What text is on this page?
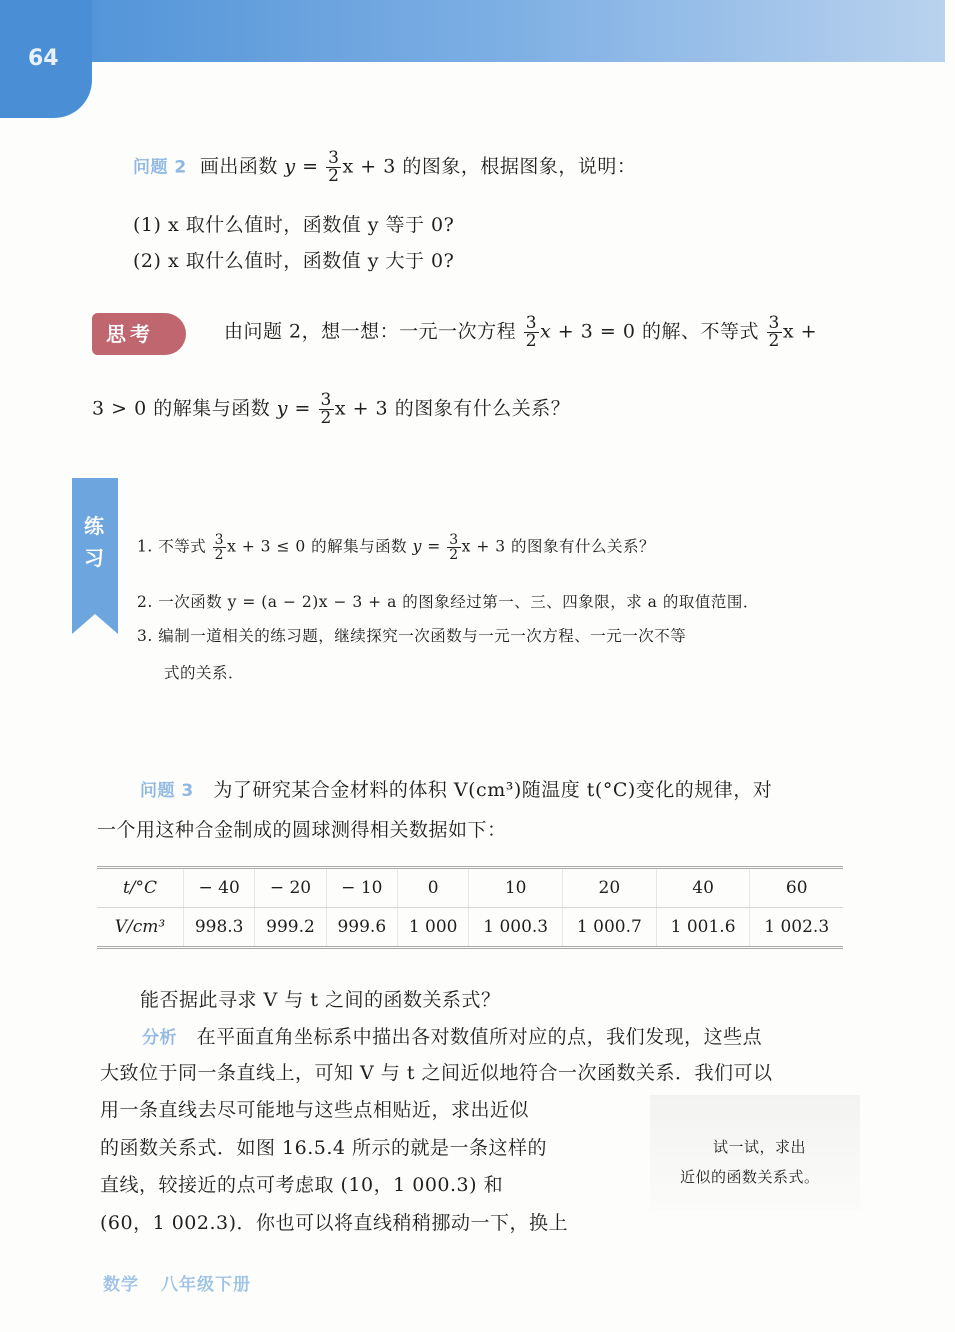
64
问题 2 画出函数 $y = \frac{3}{2}$ x + 3 的图象，根据图象，说明：
(1) x 取什么值时，函数值 y 等于 0?
(2) x 取什么值时，函数值 y 大于 0?
思考	由问题 2，想一想：一元一次方程 $\frac{3}{2}$ x + 3 = 0 的解、不等式 $\frac{3}{2}$ x +
3 > 0 的解集与函数 $y = \frac{3}{2}$ x + 3 的图象有什么关系？
练习 1. 不等式 $\frac{3}{2}$ x + 3 ≤ 0 的解集与函数 $y = \frac{3}{2}$ x + 3 的图象有什么关系？
2. 一次函数 y = (a − 2)x − 3 + a 的图象经过第一、三、四象限，求 a 的取值范围．
3. 编制一道相关的练习题，继续探究一次函数与一元一次方程、一元一次不等
式的关系．
问题 3 为了研究某合金材料的体积 V(cm³)随温度 t(°C)变化的规律，对
一个用这种合金制成的圆球测得相关数据如下：
t/°C	− 40	− 20	− 10	0	10	20	40	60
V/cm³	998.3	999.2	999.6	1 000	1 000.3	1 000.7	1 001.6	1 002.3
能否据此寻求 V 与 t 之间的函数关系式？
分析 在平面直角坐标系中描出各对数值所对应的点，我们发现，这些点
大致位于同一条直线上，可知 V 与 t 之间近似地符合一次函数关系．我们可以
用一条直线去尽可能地与这些点相贴近，求出近似
的函数关系式．如图 16.5.4 所示的就是一条这样的
直线，较接近的点可考虑取 (10，1 000.3) 和
(60，1 002.3)．你也可以将直线稍稍挪动一下，换上
试一试，求出
近似的函数关系式。
数学 八年级下册
